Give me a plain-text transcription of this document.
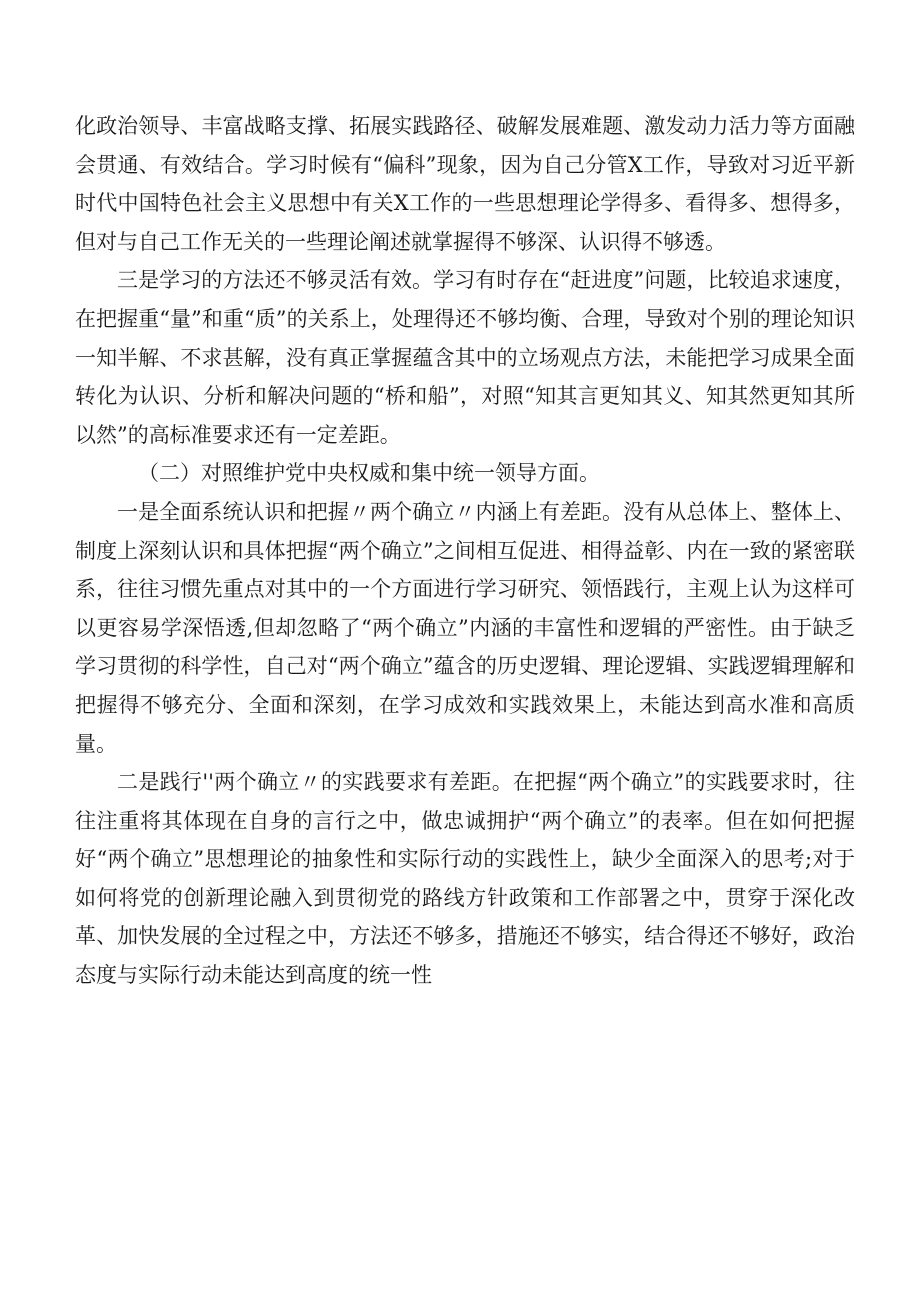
化政治领导、丰富战略支撑、拓展实践路径、破解发展难题、激发动力活力等方面融会贯通、有效结合。学习时候有“偏科”现象，因为自己分管X工作，导致对习近平新时代中国特色社会主义思想中有关X工作的一些思想理论学得多、看得多、想得多，但对与自己工作无关的一些理论阐述就掌握得不够深、认识得不够透。

三是学习的方法还不够灵活有效。学习有时存在“赶进度”问题，比较追求速度，在把握重“量”和重“质”的关系上，处理得还不够均衡、合理，导致对个别的理论知识一知半解、不求甚解，没有真正掌握蕴含其中的立场观点方法，未能把学习成果全面转化为认识、分析和解决问题的“桥和船”，对照“知其言更知其义、知其然更知其所以然”的高标准要求还有一定差距。

（二）对照维护党中央权威和集中统一领导方面。

一是全面系统认识和把握〃两个确立〃内涵上有差距。没有从总体上、整体上、制度上深刻认识和具体把握“两个确立”之间相互促进、相得益彰、内在一致的紧密联系，往往习惯先重点对其中的一个方面进行学习研究、领悟践行，主观上认为这样可以更容易学深悟透,但却忽略了“两个确立”内涵的丰富性和逻辑的严密性。由于缺乏学习贯彻的科学性，自己对“两个确立”蕴含的历史逻辑、理论逻辑、实践逻辑理解和把握得不够充分、全面和深刻，在学习成效和实践效果上，未能达到高水准和高质量。

二是践行''两个确立〃的实践要求有差距。在把握“两个确立”的实践要求时，往往注重将其体现在自身的言行之中，做忠诚拥护“两个确立”的表率。但在如何把握好“两个确立”思想理论的抽象性和实际行动的实践性上，缺少全面深入的思考;对于如何将党的创新理论融入到贯彻党的路线方针政策和工作部署之中，贯穿于深化改革、加快发展的全过程之中，方法还不够多，措施还不够实，结合得还不够好，政治态度与实际行动未能达到高度的统一性
